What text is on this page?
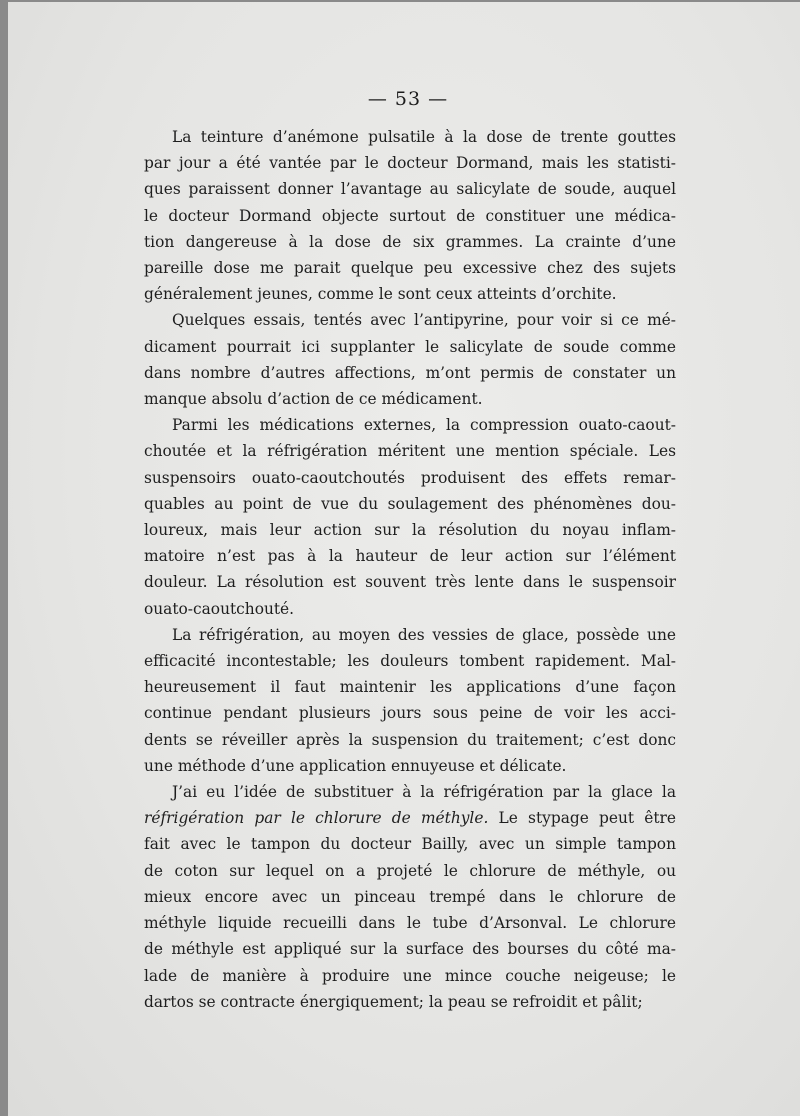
— 53 —
La teinture d’anémone pulsatile à la dose de trente gouttes
par jour a été vantée par le docteur Dormand, mais les statisti-
ques paraissent donner l’avantage au salicylate de soude, auquel
le docteur Dormand objecte surtout de constituer une médica-
tion dangereuse à la dose de six grammes. La crainte d’une
pareille dose me parait quelque peu excessive chez des sujets
généralement jeunes, comme le sont ceux atteints d’orchite.
Quelques essais, tentés avec l’antipyrine, pour voir si ce mé-
dicament pourrait ici supplanter le salicylate de soude comme
dans nombre d’autres affections, m’ont permis de constater un
manque absolu d’action de ce médicament.
Parmi les médications externes, la compression ouato-caout-
choutée et la réfrigération méritent une mention spéciale. Les
suspensoirs ouato-caoutchoutés produisent des effets remar-
quables au point de vue du soulagement des phénomènes dou-
loureux, mais leur action sur la résolution du noyau inflam-
matoire n’est pas à la hauteur de leur action sur l’élément
douleur. La résolution est souvent très lente dans le suspensoir
ouato-caoutchouté.
La réfrigération, au moyen des vessies de glace, possède une
efficacité incontestable; les douleurs tombent rapidement. Mal-
heureusement il faut maintenir les applications d’une façon
continue pendant plusieurs jours sous peine de voir les acci-
dents se réveiller après la suspension du traitement; c’est donc
une méthode d’une application ennuyeuse et délicate.
J’ai eu l’idée de substituer à la réfrigération par la glace la
réfrigération par le chlorure de méthyle. Le stypage peut être
fait avec le tampon du docteur Bailly, avec un simple tampon
de coton sur lequel on a projeté le chlorure de méthyle, ou
mieux encore avec un pinceau trempé dans le chlorure de
méthyle liquide recueilli dans le tube d’Arsonval. Le chlorure
de méthyle est appliqué sur la surface des bourses du côté ma-
lade de manière à produire une mince couche neigeuse; le
dartos se contracte énergiquement; la peau se refroidit et pâlit;
